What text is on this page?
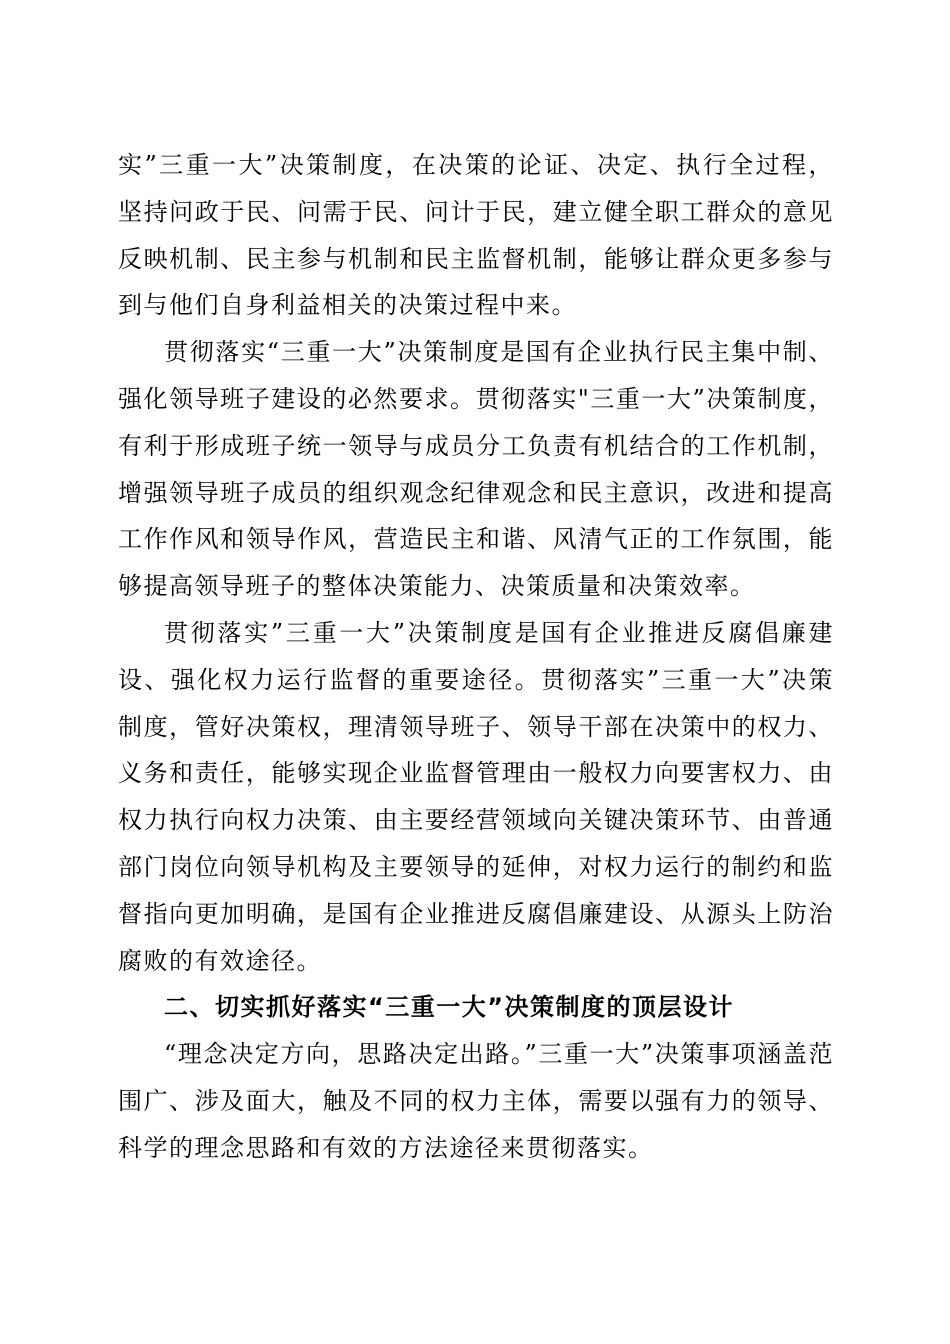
实”三重一大”决策制度，在决策的论证、决定、执行全过程，坚持问政于民、问需于民、问计于民，建立健全职工群众的意见反映机制、民主参与机制和民主监督机制，能够让群众更多参与到与他们自身利益相关的决策过程中来。

贯彻落实“三重一大”决策制度是国有企业执行民主集中制、强化领导班子建设的必然要求。贯彻落实"三重一大”决策制度，有利于形成班子统一领导与成员分工负责有机结合的工作机制，增强领导班子成员的组织观念纪律观念和民主意识，改进和提高工作作风和领导作风，营造民主和谐、风清气正的工作氛围，能够提高领导班子的整体决策能力、决策质量和决策效率。

贯彻落实”三重一大”决策制度是国有企业推进反腐倡廉建设、强化权力运行监督的重要途径。贯彻落实”三重一大”决策制度，管好决策权，理清领导班子、领导干部在决策中的权力、义务和责任，能够实现企业监督管理由一般权力向要害权力、由权力执行向权力决策、由主要经营领域向关键决策环节、由普通部门岗位向领导机构及主要领导的延伸，对权力运行的制约和监督指向更加明确，是国有企业推进反腐倡廉建设、从源头上防治腐败的有效途径。

二、切实抓好落实“三重一大”决策制度的顶层设计

“理念决定方向，思路决定出路。”三重一大”决策事项涵盖范围广、涉及面大，触及不同的权力主体，需要以强有力的领导、科学的理念思路和有效的方法途径来贯彻落实。
